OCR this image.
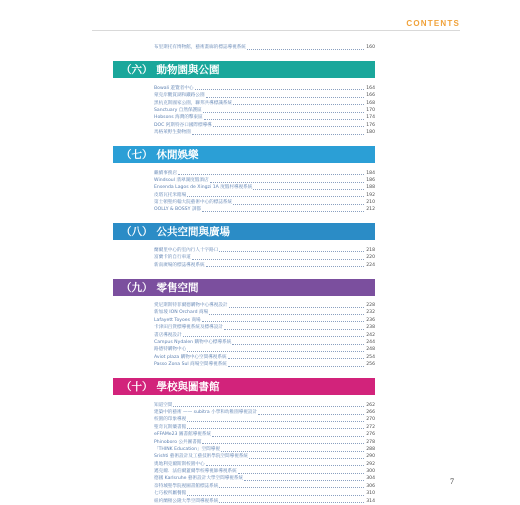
CONTENTS
布里斯托有博物館，藝術畫廊的標誌導視系統	160
（六） 動物園與公園
Bowali 遊覽者中心	164
蒙克岸觀賞湖和鐵路公園	166
黑杭克斯國家公園，聯邦共導標識系統	168
Sanctuary 自然保護區	170
Hobsons 海灣的擊東區	174
DOC 阿斯特谷口國際標導導	176
馬格萊野生動物園	180
（七） 休閒娛樂
繼續事務店	184
Windsoul 翡翠湖度假酒店	186
Ensenda Lagos de Xingzi 1A 度假村導視系統	188
皮塔瓦托米賭場	192
第士頓聖約翰大院藝術中心的標誌系統	210
OOLLY & BOSSY 訓都	212
（八） 公共空間與廣場
蘭爾里中心的室內行人十字路口	218
富蘭卡的自行車道	220
新南廣場的標誌導視系統	224
（九） 零售空間
愛尼斯斯特菲爾德購物中心導視設計	228
新加坡 ION Orchard 商場	232
Lafayett Toyoes 商場	236
卡津田百貨標導視系統及標導設計	238
書店導視設計	242
Campus Nydalen 購物中心標導系統	244
路德特購物中心	248
Aviot plaza 購物中心空間導視系統	254
Passo Zona Sul 商場空間導視系統	256
（十） 學校與圖書館
知道空間	262
建築中的藝術 —— subitra 小學和幼稚園導視設計	266
校園的印象導視	270
聖奇瓦斯藥書館	272
eFFAMe23 圖書館導視系統	276
Phinoboro 公共圖書館	278
「THINK Education」空間導視	288
Srishti 藝術設計及工藝技術學院空間導視系統	290
奧地利克爾斯斯校園中心	292
邁克爾．法伯爾蓋爾學校導視師導視系統	300
德國 Karlsruhe 藝術設計大學空間導視系統	304
奈特城聖學院視圖書館標誌系統	306
七巧板所屬餐館	310
紐約蘭頓公隆大學空間導視系統	314
7
